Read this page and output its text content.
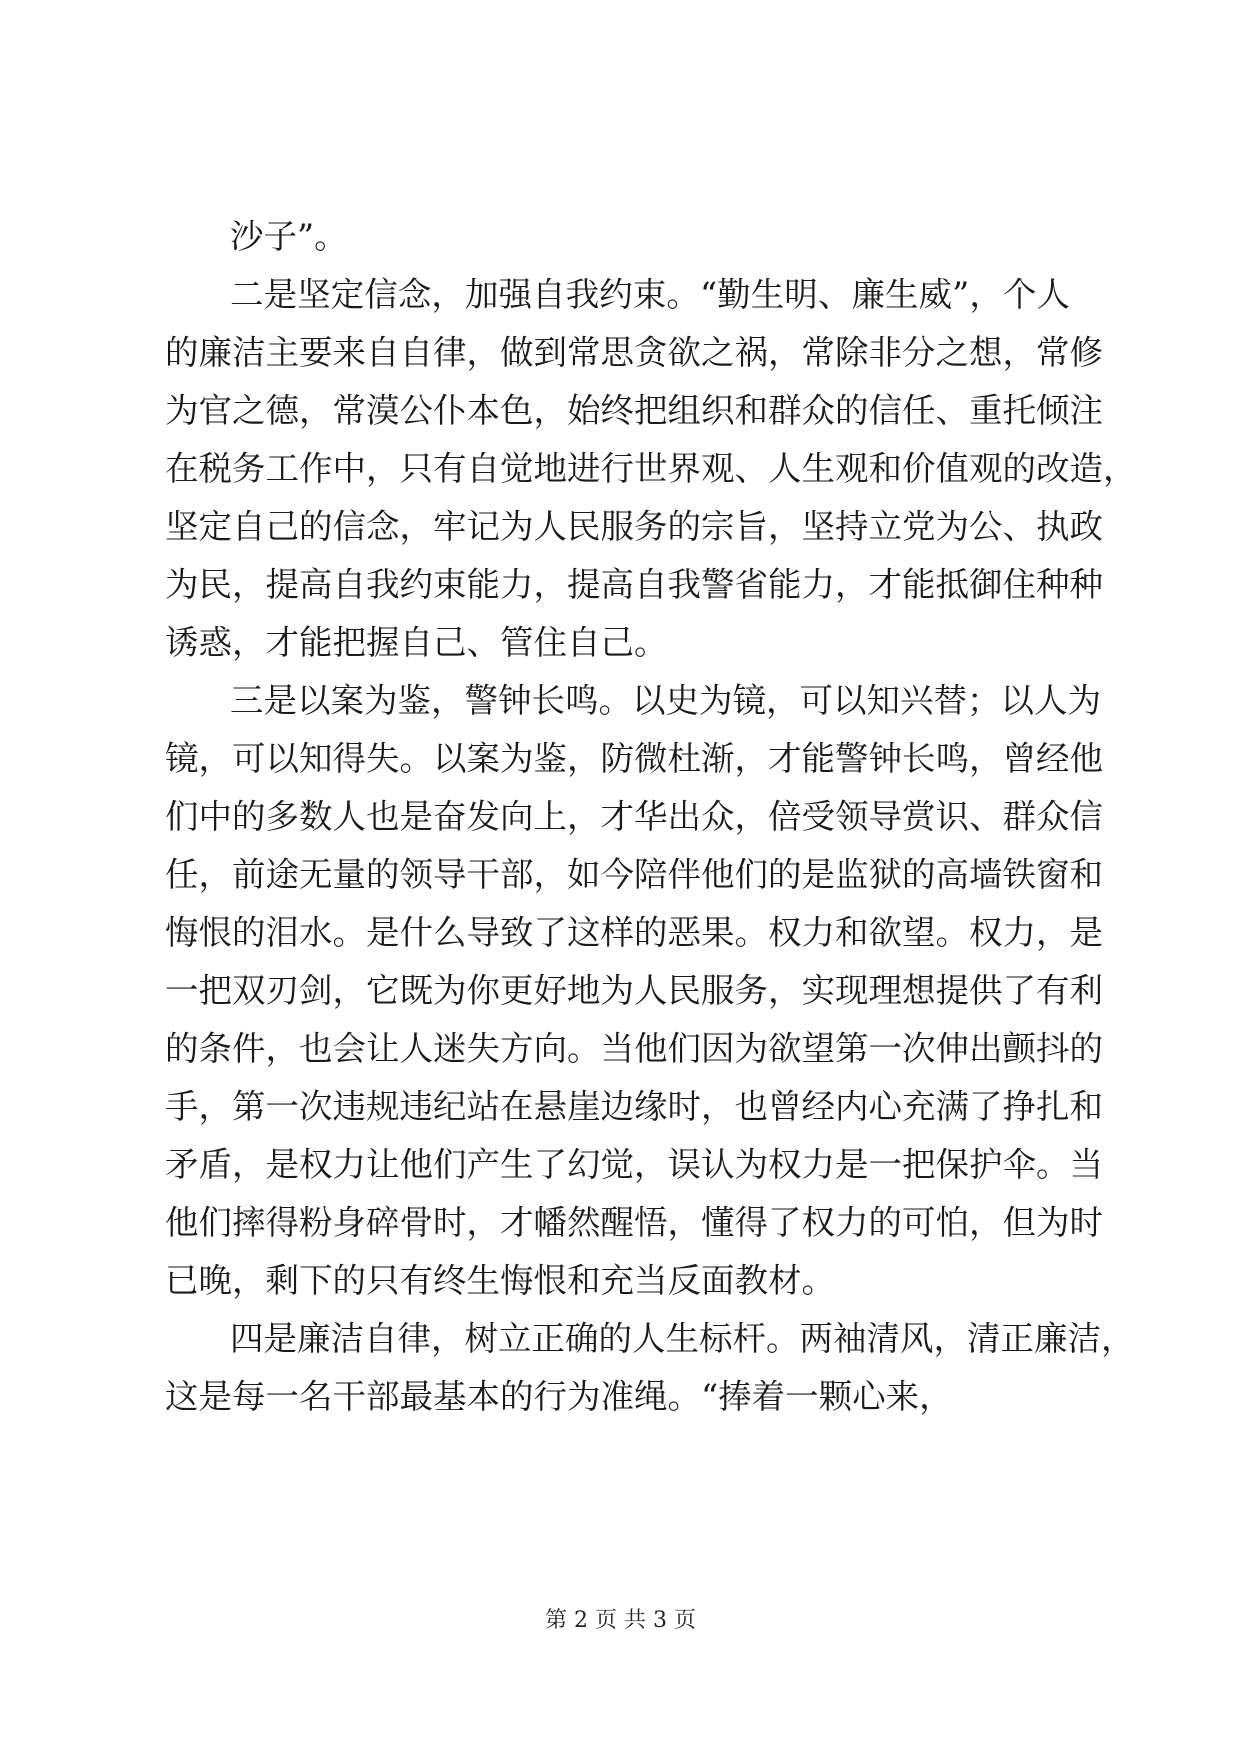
沙子”。
二是坚定信念，加强自我约束。“勤生明、廉生威”，个人
的廉洁主要来自自律，做到常思贪欲之祸，常除非分之想，常修
为官之德，常漠公仆本色，始终把组织和群众的信任、重托倾注
在税务工作中，只有自觉地进行世界观、人生观和价值观的改造，
坚定自己的信念，牢记为人民服务的宗旨，坚持立党为公、执政
为民，提高自我约束能力，提高自我警省能力，才能抵御住种种
诱惑，才能把握自己、管住自己。
三是以案为鉴，警钟长鸣。以史为镜，可以知兴替；以人为
镜，可以知得失。以案为鉴，防微杜渐，才能警钟长鸣，曾经他
们中的多数人也是奋发向上，才华出众，倍受领导赏识、群众信
任，前途无量的领导干部，如今陪伴他们的是监狱的高墙铁窗和
悔恨的泪水。是什么导致了这样的恶果。权力和欲望。权力，是
一把双刃剑，它既为你更好地为人民服务，实现理想提供了有利
的条件，也会让人迷失方向。当他们因为欲望第一次伸出颤抖的
手，第一次违规违纪站在悬崖边缘时，也曾经内心充满了挣扎和
矛盾，是权力让他们产生了幻觉，误认为权力是一把保护伞。当
他们摔得粉身碎骨时，才幡然醒悟，懂得了权力的可怕，但为时
已晚，剩下的只有终生悔恨和充当反面教材。
四是廉洁自律，树立正确的人生标杆。两袖清风，清正廉洁，
这是每一名干部最基本的行为准绳。“捧着一颗心来，
第 2 页 共 3 页
